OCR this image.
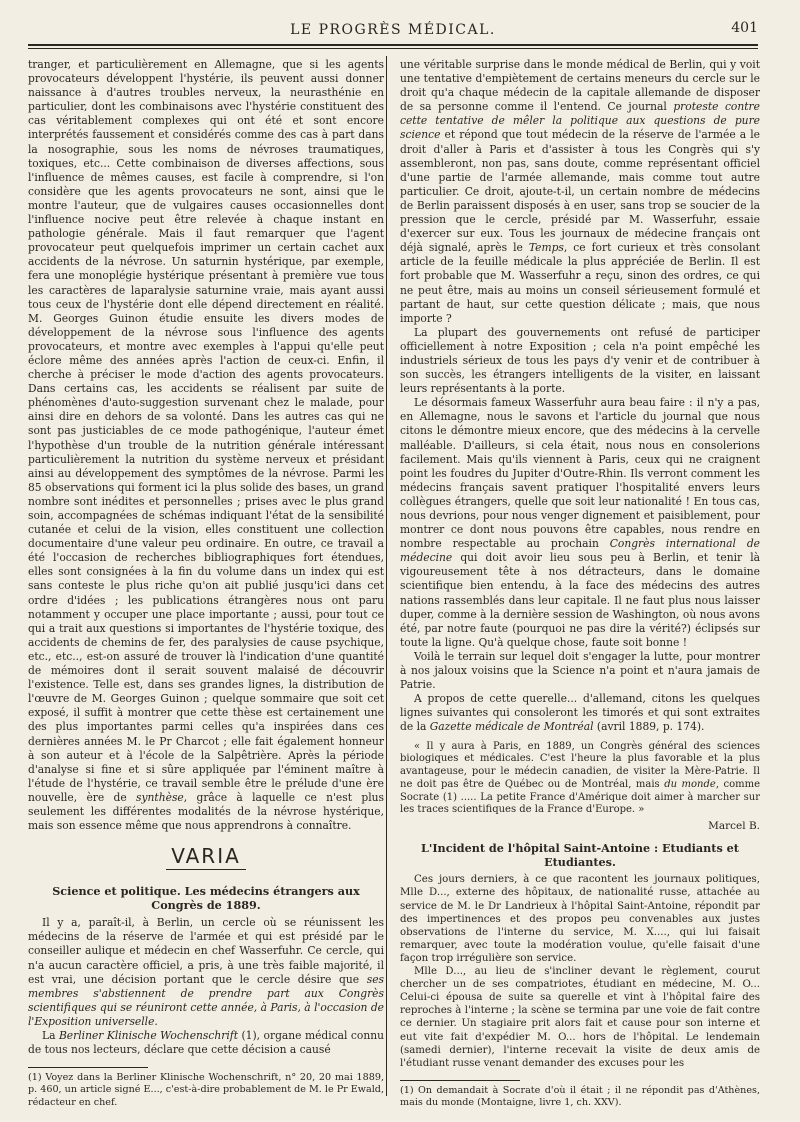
LE PROGRÈS MÉDICAL.	401

tranger, et particulièrement en Allemagne, que si les agents provocateurs développent l'hystérie, ils peuvent aussi donner naissance à d'autres troubles nerveux, la neurasthénie en particulier, dont les combinaisons avec l'hystérie constituent des cas véritablement complexes qui ont été et sont encore interprétés faussement et considérés comme des cas à part dans la nosographie, sous les noms de névroses traumatiques, toxiques, etc... Cette combinaison de diverses affections, sous l'influence de mêmes causes, est facile à comprendre, si l'on considère que les agents provocateurs ne sont, ainsi que le montre l'auteur, que de vulgaires causes occasionnelles dont l'influence nocive peut être relevée à chaque instant en pathologie générale. Mais il faut remarquer que l'agent provocateur peut quelquefois imprimer un certain cachet aux accidents de la névrose. Un saturnin hystérique, par exemple, fera une monoplégie hystérique présentant à première vue tous les caractères de laparalysie saturnine vraie, mais ayant aussi tous ceux de l'hystérie dont elle dépend directement en réalité. M. Georges Guinon étudie ensuite les divers modes de développement de la névrose sous l'influence des agents provocateurs, et montre avec exemples à l'appui qu'elle peut éclore même des années après l'action de ceux-ci. Enfin, il cherche à préciser le mode d'action des agents provocateurs. Dans certains cas, les accidents se réalisent par suite de phénomènes d'auto-suggestion survenant chez le malade, pour ainsi dire en dehors de sa volonté. Dans les autres cas qui ne sont pas justiciables de ce mode pathogénique, l'auteur émet l'hypothèse d'un trouble de la nutrition générale intéressant particulièrement la nutrition du système nerveux et présidant ainsi au développement des symptômes de la névrose. Parmi les 85 observations qui forment ici la plus solide des bases, un grand nombre sont inédites et personnelles ; prises avec le plus grand soin, accompagnées de schémas indiquant l'état de la sensibilité cutanée et celui de la vision, elles constituent une collection documentaire d'une valeur peu ordinaire. En outre, ce travail a été l'occasion de recherches bibliographiques fort étendues, elles sont consignées à la fin du volume dans un index qui est sans conteste le plus riche qu'on ait publié jusqu'ici dans cet ordre d'idées ; les publications étrangères nous ont paru notamment y occuper une place importante ; aussi, pour tout ce qui a trait aux questions si importantes de l'hystérie toxique, des accidents de chemins de fer, des paralysies de cause psychique, etc., etc.., est-on assuré de trouver là l'indication d'une quantité de mémoires dont il serait souvent malaisé de découvrir l'existence. Telle est, dans ses grandes lignes, la distribution de l'œuvre de M. Georges Guinon ; quelque sommaire que soit cet exposé, il suffit à montrer que cette thèse est certainement une des plus importantes parmi celles qu'a inspirées dans ces dernières années M. le Pr Charcot ; elle fait également honneur à son auteur et à l'école de la Salpêtrière. Après la période d'analyse si fine et si sûre appliquée par l'éminent maître à l'étude de l'hystérie, ce travail semble être le prélude d'une ère nouvelle, ère de synthèse, grâce à laquelle ce n'est plus seulement les différentes modalités de la névrose hystérique, mais son essence même que nous apprendrons à connaître.

VARIA
Science et politique. Les médecins étrangers aux Congrès de 1889.

Il y a, paraît-il, à Berlin, un cercle où se réunissent les médecins de la réserve de l'armée et qui est présidé par le conseiller aulique et médecin en chef Wasserfuhr. Ce cercle, qui n'a aucun caractère officiel, a pris, à une très faible majorité, il est vrai, une décision portant que le cercle désire que ses membres s'abstiennent de prendre part aux Congrès scientifiques qui se réuniront cette année, à Paris, à l'occasion de l'Exposition universelle.

La Berliner Klinische Wochenschrift (1), organe médical connu de tous nos lecteurs, déclare que cette décision a causé

(1) Voyez dans la Berliner Klinische Wochenschrift, n° 20, 20 mai 1889, p. 460, un article signé E..., c'est-à-dire probablement de M. le Pr Ewald, rédacteur en chef.

une véritable surprise dans le monde médical de Berlin, qui y voit une tentative d'empiètement de certains meneurs du cercle sur le droit qu'a chaque médecin de la capitale allemande de disposer de sa personne comme il l'entend. Ce journal proteste contre cette tentative de mêler la politique aux questions de pure science et répond que tout médecin de la réserve de l'armée a le droit d'aller à Paris et d'assister à tous les Congrès qui s'y assembleront, non pas, sans doute, comme représentant officiel d'une partie de l'armée allemande, mais comme tout autre particulier. Ce droit, ajoute-t-il, un certain nombre de médecins de Berlin paraissent disposés à en user, sans trop se soucier de la pression que le cercle, présidé par M. Wasserfuhr, essaie d'exercer sur eux. Tous les journaux de médecine français ont déjà signalé, après le Temps, ce fort curieux et très consolant article de la feuille médicale la plus appréciée de Berlin. Il est fort probable que M. Wasserfuhr a reçu, sinon des ordres, ce qui ne peut être, mais au moins un conseil sérieusement formulé et partant de haut, sur cette question délicate ; mais, que nous importe ?

La plupart des gouvernements ont refusé de participer officiellement à notre Exposition ; cela n'a point empêché les industriels sérieux de tous les pays d'y venir et de contribuer à son succès, les étrangers intelligents de la visiter, en laissant leurs représentants à la porte.

Le désormais fameux Wasserfuhr aura beau faire : il n'y a pas, en Allemagne, nous le savons et l'article du journal que nous citons le démontre mieux encore, que des médecins à la cervelle malléable. D'ailleurs, si cela était, nous nous en consolerions facilement. Mais qu'ils viennent à Paris, ceux qui ne craignent point les foudres du Jupiter d'Outre-Rhin. Ils verront comment les médecins français savent pratiquer l'hospitalité envers leurs collègues étrangers, quelle que soit leur nationalité ! En tous cas, nous devrions, pour nous venger dignement et paisiblement, pour montrer ce dont nous pouvons être capables, nous rendre en nombre respectable au prochain Congrès international de médecine qui doit avoir lieu sous peu à Berlin, et tenir là vigoureusement tête à nos détracteurs, dans le domaine scientifique bien entendu, à la face des médecins des autres nations rassemblés dans leur capitale. Il ne faut plus nous laisser duper, comme à la dernière session de Washington, où nous avons été, par notre faute (pourquoi ne pas dire la vérité?) éclipsés sur toute la ligne. Qu'à quelque chose, faute soit bonne !

Voilà le terrain sur lequel doit s'engager la lutte, pour montrer à nos jaloux voisins que la Science n'a point et n'aura jamais de Patrie.

A propos de cette querelle... d'allemand, citons les quelques lignes suivantes qui consoleront les timorés et qui sont extraites de la Gazette médicale de Montréal (avril 1889, p. 174).

« Il y aura à Paris, en 1889, un Congrès général des sciences biologiques et médicales. C'est l'heure la plus favorable et la plus avantageuse, pour le médecin canadien, de visiter la Mère-Patrie. Il ne doit pas être de Québec ou de Montréal, mais du monde, comme Socrate (1) ..... La petite France d'Amérique doit aimer à marcher sur les traces scientifiques de la France d'Europe. »

Marcel B.
L'Incident de l'hôpital Saint-Antoine : Etudiants et Etudiantes.

Ces jours derniers, à ce que racontent les journaux politiques, Mlle D..., externe des hôpitaux, de nationalité russe, attachée au service de M. le Dr Landrieux à l'hôpital Saint-Antoine, répondit par des impertinences et des propos peu convenables aux justes observations de l'interne du service, M. X...., qui lui faisait remarquer, avec toute la modération voulue, qu'elle faisait d'une façon trop irrégulière son service.

Mlle D..., au lieu de s'incliner devant le règlement, courut chercher un de ses compatriotes, étudiant en médecine, M. O... Celui-ci épousa de suite sa querelle et vint à l'hôpital faire des reproches à l'interne ; la scène se termina par une voie de fait contre ce dernier. Un stagiaire prit alors fait et cause pour son interne et eut vite fait d'expédier M. O... hors de l'hôpital. Le lendemain (samedi dernier), l'interne recevait la visite de deux amis de l'étudiant russe venant demander des excuses pour les

(1) On demandait à Socrate d'où il était ; il ne répondit pas d'Athènes, mais du monde (Montaigne, livre 1, ch. XXV).
